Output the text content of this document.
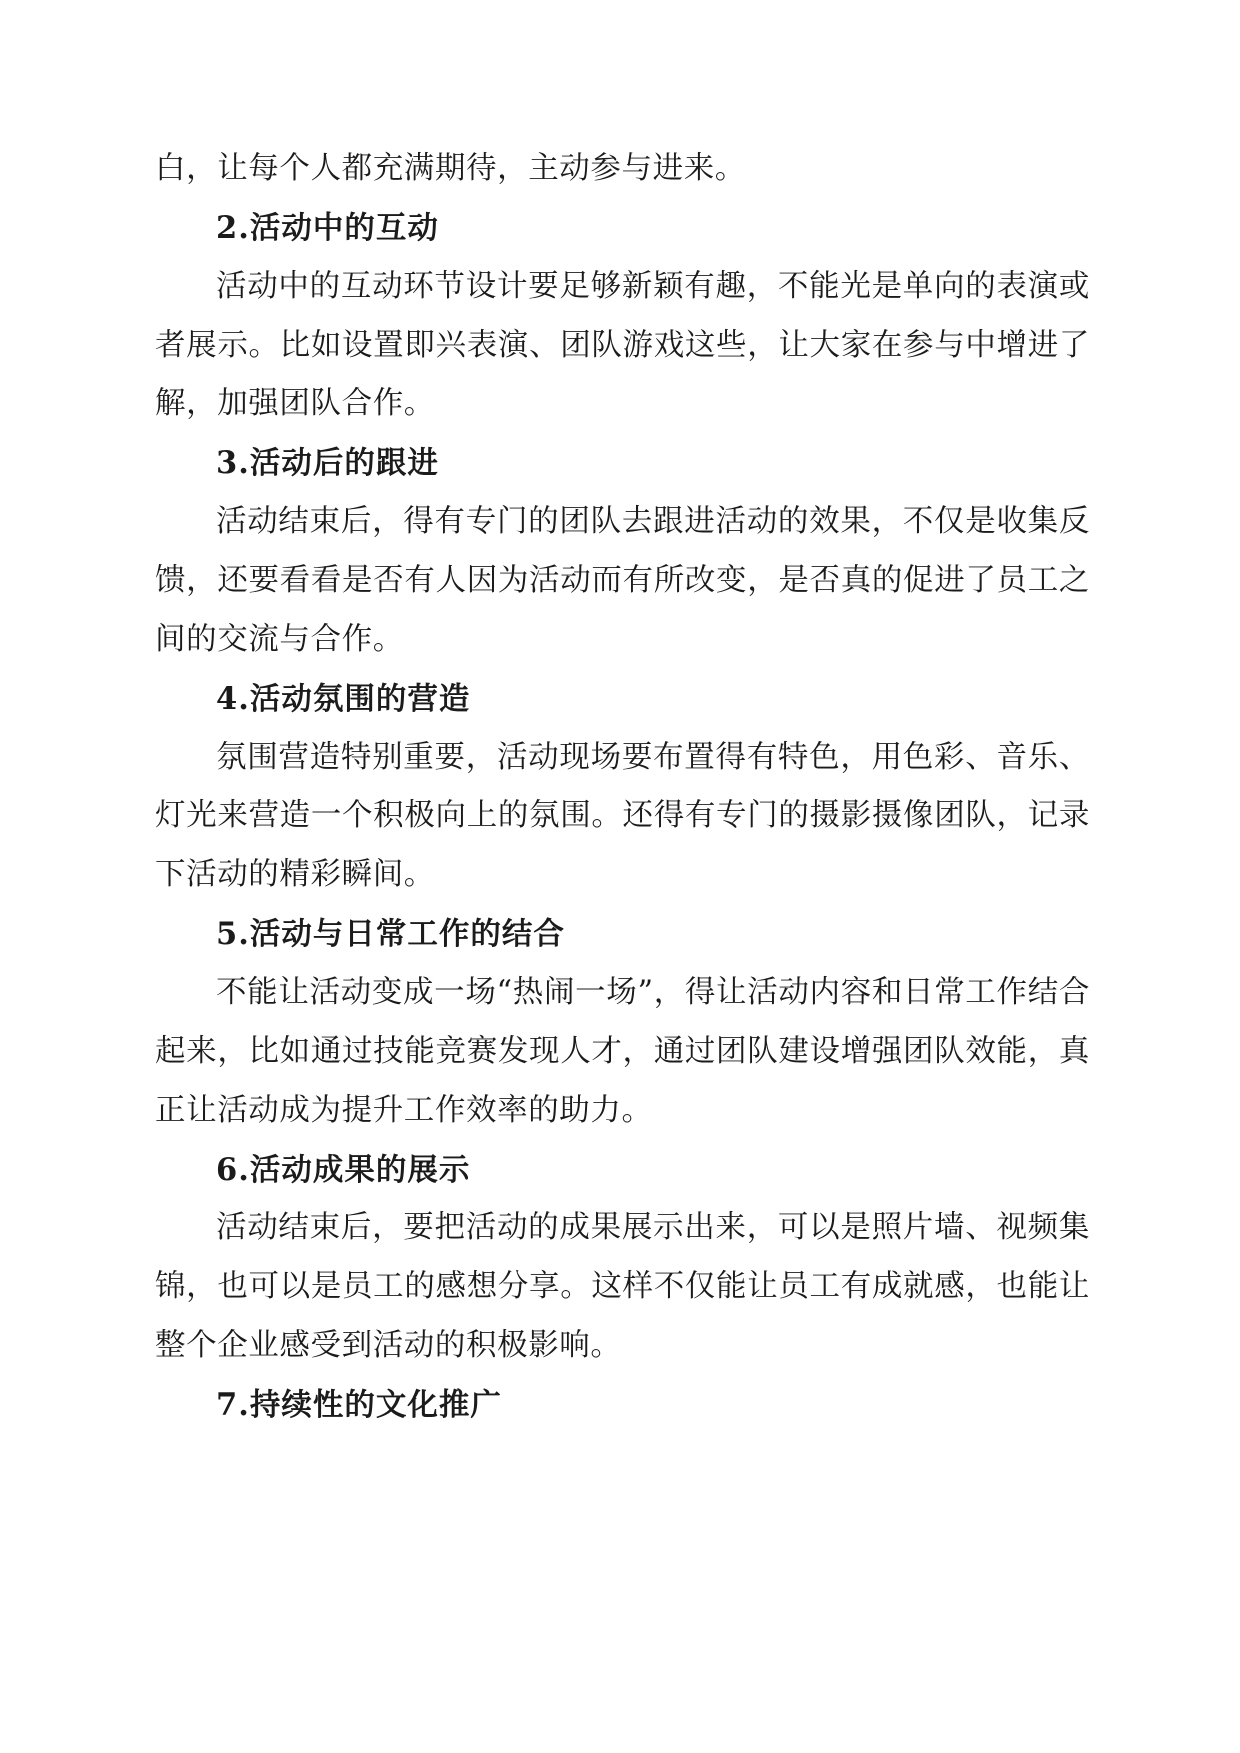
白，让每个人都充满期待，主动参与进来。

2.活动中的互动

活动中的互动环节设计要足够新颖有趣，不能光是单向的表演或者展示。比如设置即兴表演、团队游戏这些，让大家在参与中增进了解，加强团队合作。

3.活动后的跟进

活动结束后，得有专门的团队去跟进活动的效果，不仅是收集反馈，还要看看是否有人因为活动而有所改变，是否真的促进了员工之间的交流与合作。

4.活动氛围的营造

氛围营造特别重要，活动现场要布置得有特色，用色彩、音乐、灯光来营造一个积极向上的氛围。还得有专门的摄影摄像团队，记录下活动的精彩瞬间。

5.活动与日常工作的结合

不能让活动变成一场“热闹一场”，得让活动内容和日常工作结合起来，比如通过技能竞赛发现人才，通过团队建设增强团队效能，真正让活动成为提升工作效率的助力。

6.活动成果的展示

活动结束后，要把活动的成果展示出来，可以是照片墙、视频集锦，也可以是员工的感想分享。这样不仅能让员工有成就感，也能让整个企业感受到活动的积极影响。

7.持续性的文化推广
